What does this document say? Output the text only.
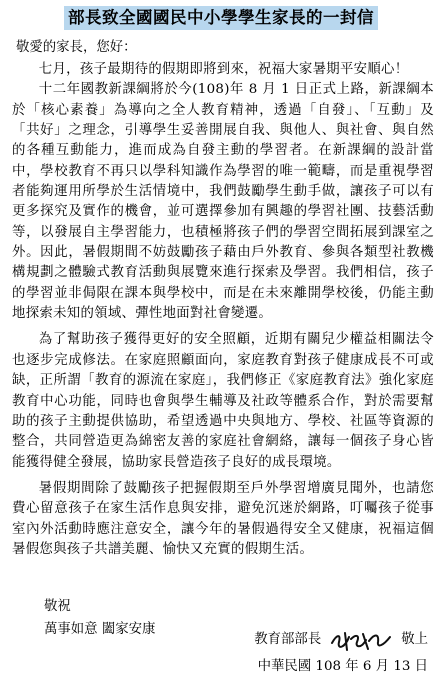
部長致全國國民中小學學生家長的一封信
敬愛的家長，您好：

七月，孩子最期待的假期即將到來，祝福大家暑期平安順心！

十二年國教新課綱將於今(108)年 8 月 1 日正式上路，新課綱本於「核心素養」為導向之全人教育精神，透過「自發」、「互動」及「共好」之理念，引導學生妥善開展自我、與他人、與社會、與自然的各種互動能力，進而成為自發主動的學習者。在新課綱的設計當中，學校教育不再只以學科知識作為學習的唯一範疇，而是重視學習者能夠運用所學於生活情境中，我們鼓勵學生動手做，讓孩子可以有更多探究及實作的機會，並可選擇參加有興趣的學習社團、技藝活動等，以發展自主學習能力，也積極將孩子們的學習空間拓展到課室之外。因此，暑假期間不妨鼓勵孩子藉由戶外教育、參與各類型社教機構規劃之體驗式教育活動與展覽來進行探索及學習。我們相信，孩子的學習並非侷限在課本與學校中，而是在未來離開學校後，仍能主動地探索未知的領域、彈性地面對社會變遷。

為了幫助孩子獲得更好的安全照顧，近期有關兒少權益相關法令也逐步完成修法。在家庭照顧面向，家庭教育對孩子健康成長不可或缺，正所謂「教育的源流在家庭」，我們修正《家庭教育法》強化家庭教育中心功能，同時也會與學生輔導及社政等體系合作，對於需要幫助的孩子主動提供協助，希望透過中央與地方、學校、社區等資源的整合，共同營造更為綿密友善的家庭社會網絡，讓每一個孩子身心皆能獲得健全發展，協助家長營造孩子良好的成長環境。

暑假期間除了鼓勵孩子把握假期至戶外學習增廣見聞外，也請您費心留意孩子在家生活作息與安排，避免沉迷於網路，叮囑孩子從事室內外活動時應注意安全，讓今年的暑假過得安全又健康，祝福這個暑假您與孩子共譜美麗、愉快又充實的假期生活。

敬祝
萬事如意 闔家安康
教育部部長	敬上
中華民國 108 年 6 月 13 日
